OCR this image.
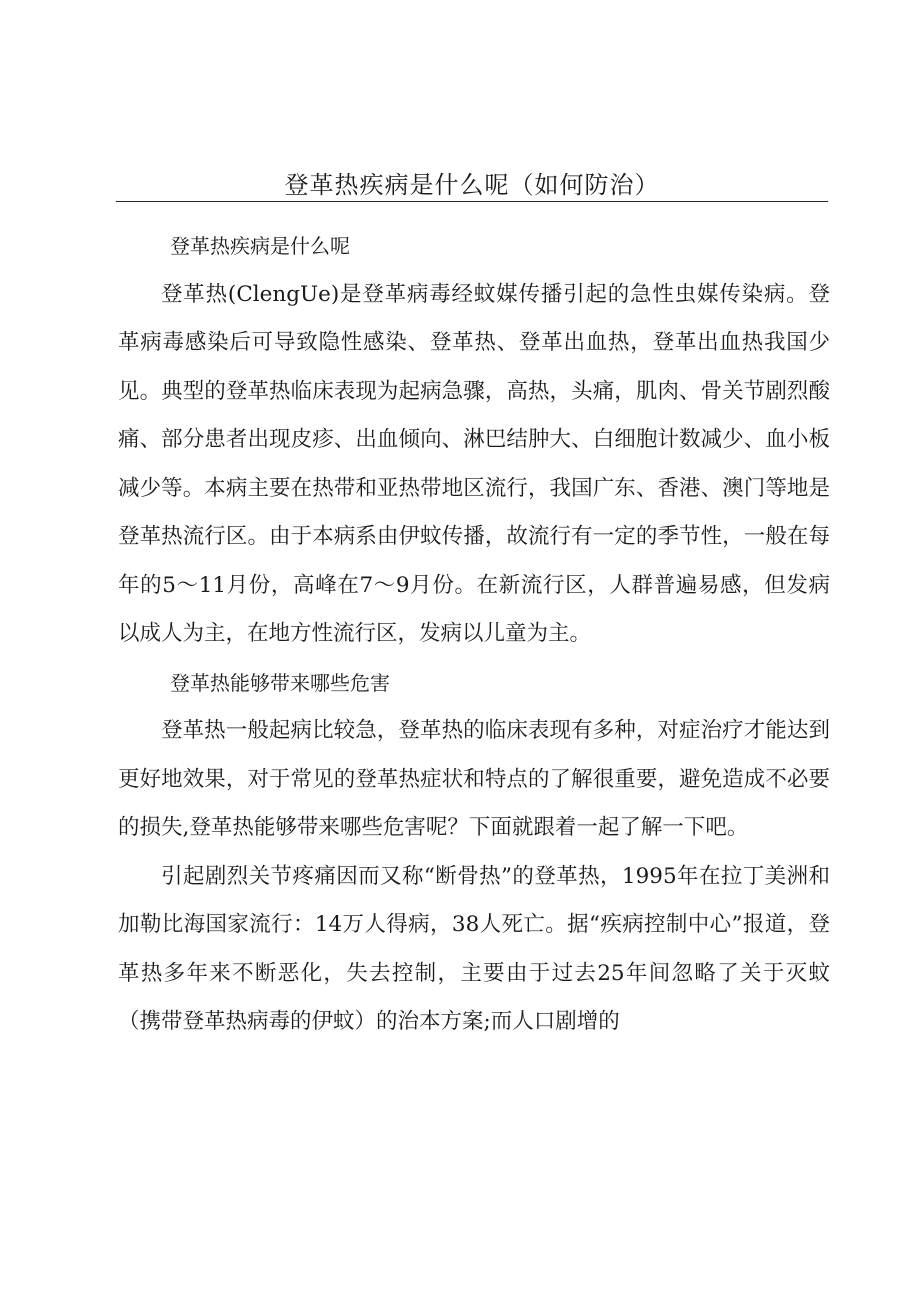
登革热疾病是什么呢（如何防治）

登革热疾病是什么呢

登革热(ClengUe)是登革病毒经蚊媒传播引起的急性虫媒传染病。登革病毒感染后可导致隐性感染、登革热、登革出血热，登革出血热我国少见。典型的登革热临床表现为起病急骤，高热，头痛，肌肉、骨关节剧烈酸痛、部分患者出现皮疹、出血倾向、淋巴结肿大、白细胞计数减少、血小板减少等。本病主要在热带和亚热带地区流行，我国广东、香港、澳门等地是登革热流行区。由于本病系由伊蚊传播，故流行有一定的季节性，一般在每年的5～11月份，高峰在7～9月份。在新流行区，人群普遍易感，但发病以成人为主，在地方性流行区，发病以儿童为主。

登革热能够带来哪些危害

登革热一般起病比较急，登革热的临床表现有多种，对症治疗才能达到更好地效果，对于常见的登革热症状和特点的了解很重要，避免造成不必要的损失,登革热能够带来哪些危害呢？下面就跟着一起了解一下吧。

引起剧烈关节疼痛因而又称“断骨热”的登革热，1995年在拉丁美洲和加勒比海国家流行：14万人得病，38人死亡。据“疾病控制中心”报道，登革热多年来不断恶化，失去控制，主要由于过去25年间忽略了关于灭蚊（携带登革热病毒的伊蚊）的治本方案;而人口剧增的
